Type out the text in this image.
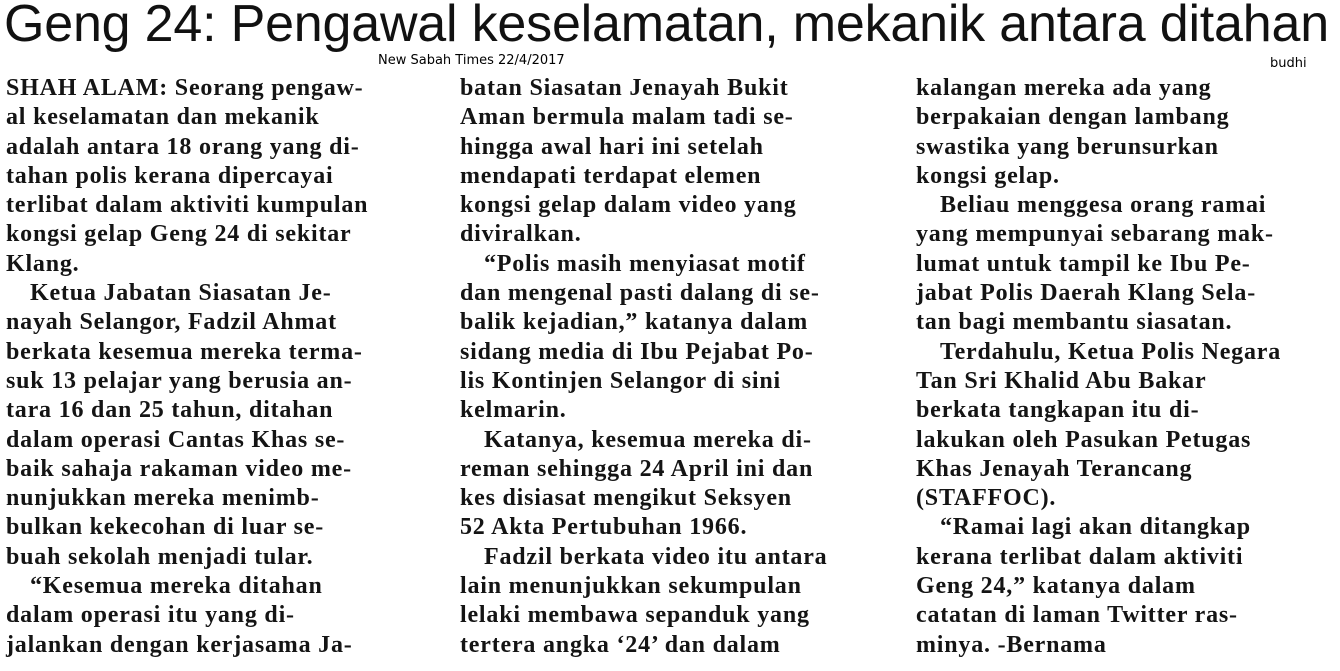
Geng 24: Pengawal keselamatan, mekanik antara ditahan
New Sabah Times 22/4/2017	budhi
SHAH ALAM: Seorang pengaw-
al keselamatan dan mekanik
adalah antara 18 orang yang di-
tahan polis kerana dipercayai
terlibat dalam aktiviti kumpulan
kongsi gelap Geng 24 di sekitar
Klang.
Ketua Jabatan Siasatan Je-
nayah Selangor, Fadzil Ahmat
berkata kesemua mereka terma-
suk 13 pelajar yang berusia an-
tara 16 dan 25 tahun, ditahan
dalam operasi Cantas Khas se-
baik sahaja rakaman video me-
nunjukkan mereka menimb-
bulkan kekecohan di luar se-
buah sekolah menjadi tular.
“Kesemua mereka ditahan
dalam operasi itu yang di-
jalankan dengan kerjasama Ja-
batan Siasatan Jenayah Bukit
Aman bermula malam tadi se-
hingga awal hari ini setelah
mendapati terdapat elemen
kongsi gelap dalam video yang
diviralkan.
“Polis masih menyiasat motif
dan mengenal pasti dalang di se-
balik kejadian,” katanya dalam
sidang media di Ibu Pejabat Po-
lis Kontinjen Selangor di sini
kelmarin.
Katanya, kesemua mereka di-
reman sehingga 24 April ini dan
kes disiasat mengikut Seksyen
52 Akta Pertubuhan 1966.
Fadzil berkata video itu antara
lain menunjukkan sekumpulan
lelaki membawa sepanduk yang
tertera angka ‘24’ dan dalam
kalangan mereka ada yang
berpakaian dengan lambang
swastika yang berunsurkan
kongsi gelap.
Beliau menggesa orang ramai
yang mempunyai sebarang mak-
lumat untuk tampil ke Ibu Pe-
jabat Polis Daerah Klang Sela-
tan bagi membantu siasatan.
Terdahulu, Ketua Polis Negara
Tan Sri Khalid Abu Bakar
berkata tangkapan itu di-
lakukan oleh Pasukan Petugas
Khas Jenayah Terancang
(STAFFOC).
“Ramai lagi akan ditangkap
kerana terlibat dalam aktiviti
Geng 24,” katanya dalam
catatan di laman Twitter ras-
minya. -Bernama
